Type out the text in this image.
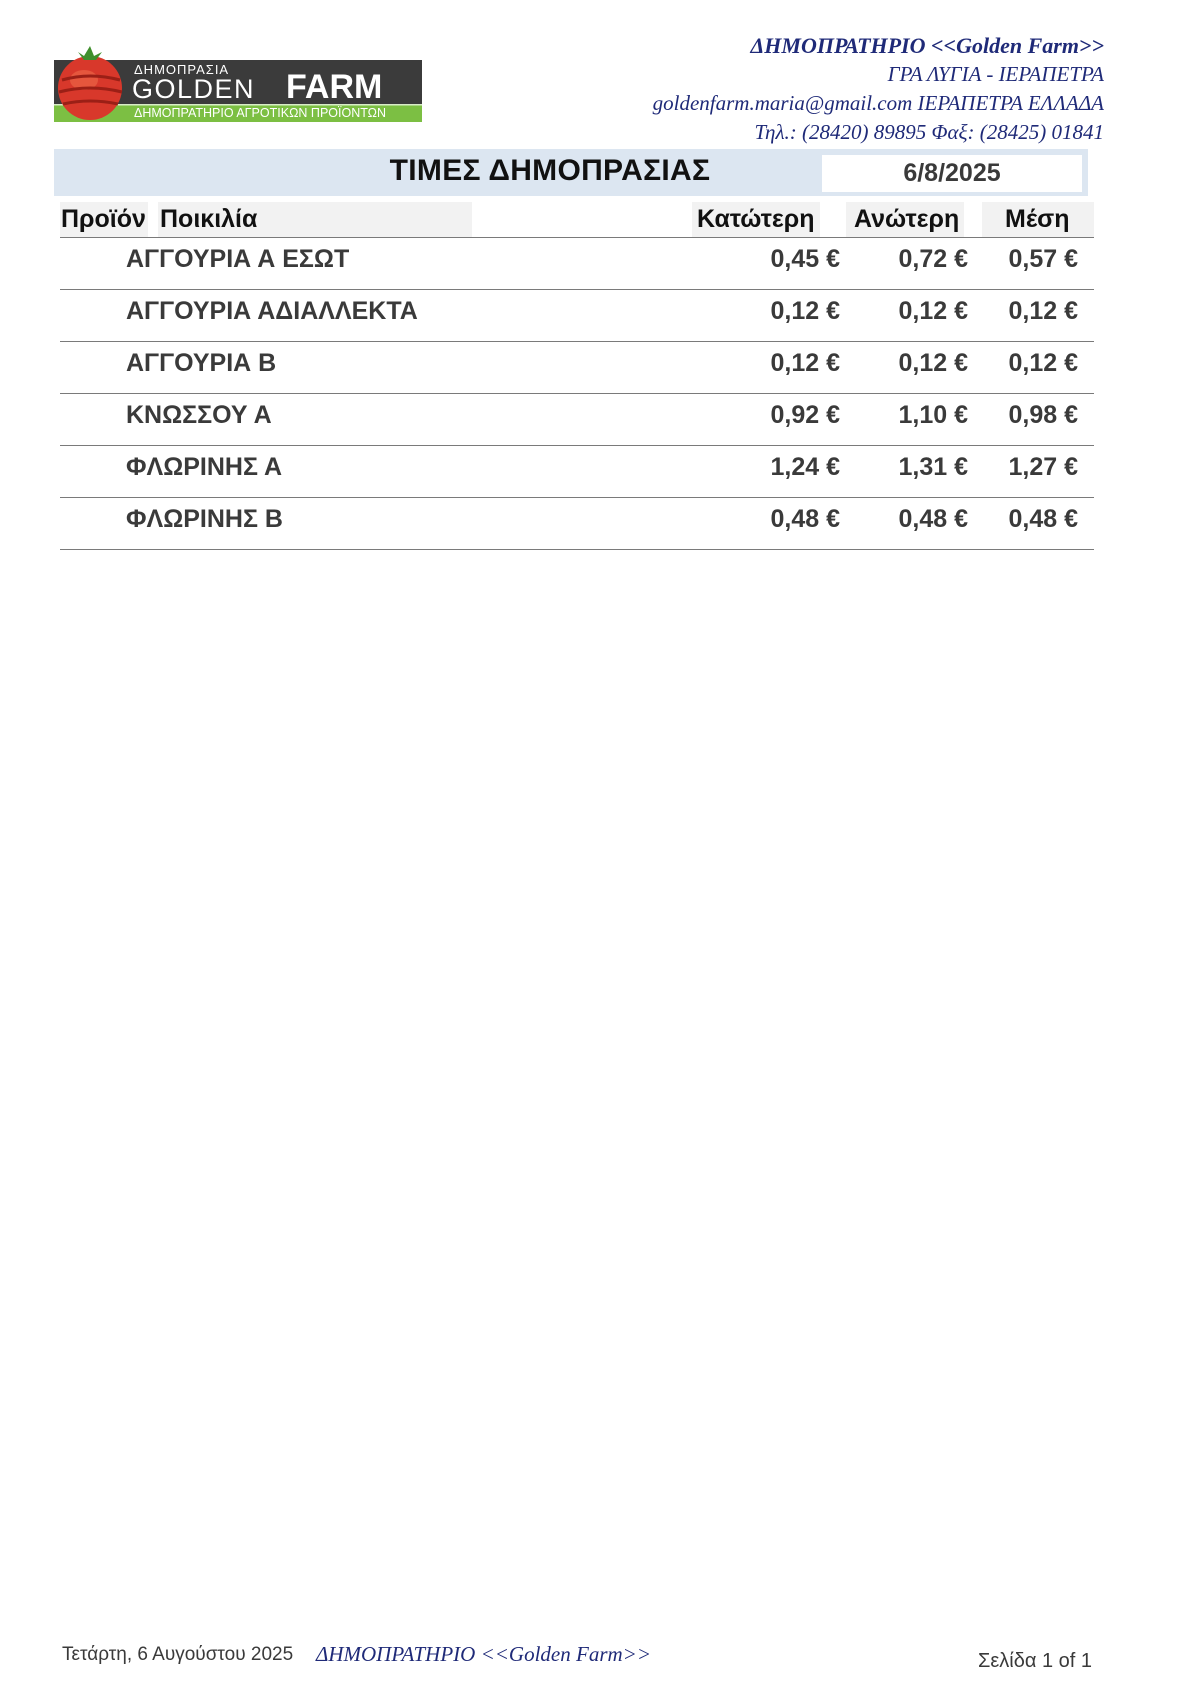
ΔΗΜΟΠΡΑΣΙΑ
GOLDEN FARM
ΔΗΜΟΠΡΑΤΗΡΙΟ ΑΓΡΟΤΙΚΩΝ ΠΡΟΪΟΝΤΩΝ
ΔΗΜΟΠΡΑΤΗΡΙΟ <<Golden Farm>>
ΓΡΑ ΛΥΓΙΑ - ΙΕΡΑΠΕΤΡΑ
goldenfarm.maria@gmail.com ΙΕΡΑΠΕΤΡΑ ΕΛΛΑΔΑ
Τηλ.: (28420) 89895 Φαξ: (28425) 01841
ΤΙΜΕΣ ΔΗΜΟΠΡΑΣΙΑΣ	6/8/2025
Προϊόν Ποικιλία	Κατώτερη Ανώτερη Μέση
ΑΓΓΟΥΡΙΑ Α ΕΣΩΤ	0,45 € 0,72 € 0,57 €
ΑΓΓΟΥΡΙΑ ΑΔΙΑΛΛΕΚΤΑ	0,12 € 0,12 € 0,12 €
ΑΓΓΟΥΡΙΑ Β	0,12 € 0,12 € 0,12 €
ΚΝΩΣΣΟΥ Α	0,92 € 1,10 € 0,98 €
ΦΛΩΡΙΝΗΣ Α	1,24 € 1,31 € 1,27 €
ΦΛΩΡΙΝΗΣ Β	0,48 € 0,48 € 0,48 €
Τετάρτη, 6 Αυγούστου 2025 ΔΗΜΟΠΡΑΤΗΡΙΟ <<Golden Farm>>	Σελίδα 1 of 1
